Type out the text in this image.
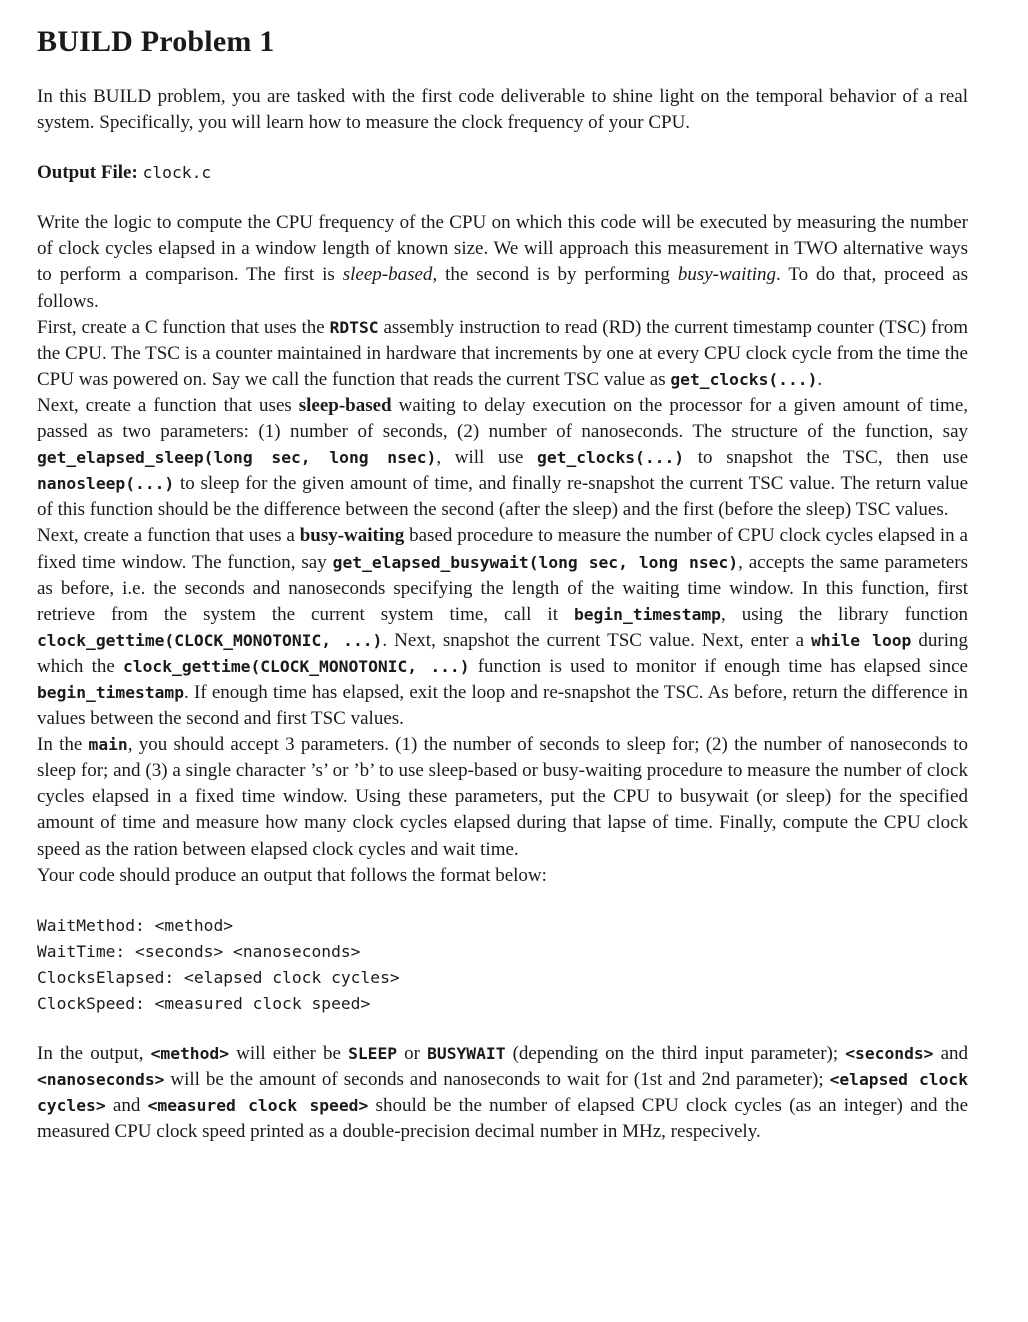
BUILD Problem 1

In this BUILD problem, you are tasked with the first code deliverable to shine light on the temporal behavior of a real system. Specifically, you will learn how to measure the clock frequency of your CPU.

Output File: clock.c

Write the logic to compute the CPU frequency of the CPU on which this code will be executed by measuring the number of clock cycles elapsed in a window length of known size. We will approach this measurement in TWO alternative ways to perform a comparison. The first is sleep-based, the second is by performing busy-waiting. To do that, proceed as follows.

First, create a C function that uses the RDTSC assembly instruction to read (RD) the current timestamp counter (TSC) from the CPU. The TSC is a counter maintained in hardware that increments by one at every CPU clock cycle from the time the CPU was powered on. Say we call the function that reads the current TSC value as get_clocks(...).

Next, create a function that uses sleep-based waiting to delay execution on the processor for a given amount of time, passed as two parameters: (1) number of seconds, (2) number of nanoseconds. The structure of the function, say get_elapsed_sleep(long sec, long nsec), will use get_clocks(...) to snapshot the TSC, then use nanosleep(...) to sleep for the given amount of time, and finally re-snapshot the current TSC value. The return value of this function should be the difference between the second (after the sleep) and the first (before the sleep) TSC values.

Next, create a function that uses a busy-waiting based procedure to measure the number of CPU clock cycles elapsed in a fixed time window. The function, say get_elapsed_busywait(long sec, long nsec), accepts the same parameters as before, i.e. the seconds and nanoseconds specifying the length of the waiting time window. In this function, first retrieve from the system the current system time, call it begin_timestamp, using the library function clock_gettime(CLOCK_MONOTONIC, ...). Next, snapshot the current TSC value. Next, enter a while loop during which the clock_gettime(CLOCK_MONOTONIC, ...) function is used to monitor if enough time has elapsed since begin_timestamp. If enough time has elapsed, exit the loop and re-snapshot the TSC. As before, return the difference in values between the second and first TSC values.

In the main, you should accept 3 parameters. (1) the number of seconds to sleep for; (2) the number of nanoseconds to sleep for; and (3) a single character ’s’ or ’b’ to use sleep-based or busy-waiting procedure to measure the number of clock cycles elapsed in a fixed time window. Using these parameters, put the CPU to busywait (or sleep) for the specified amount of time and measure how many clock cycles elapsed during that lapse of time. Finally, compute the CPU clock speed as the ration between elapsed clock cycles and wait time.

Your code should produce an output that follows the format below:

WaitMethod: <method>
WaitTime: <seconds> <nanoseconds>
ClocksElapsed: <elapsed clock cycles>
ClockSpeed: <measured clock speed>

In the output, <method> will either be SLEEP or BUSYWAIT (depending on the third input parameter); <seconds> and <nanoseconds> will be the amount of seconds and nanoseconds to wait for (1st and 2nd parameter); <elapsed clock cycles> and <measured clock speed> should be the number of elapsed CPU clock cycles (as an integer) and the measured CPU clock speed printed as a double-precision decimal number in MHz, respecively.
